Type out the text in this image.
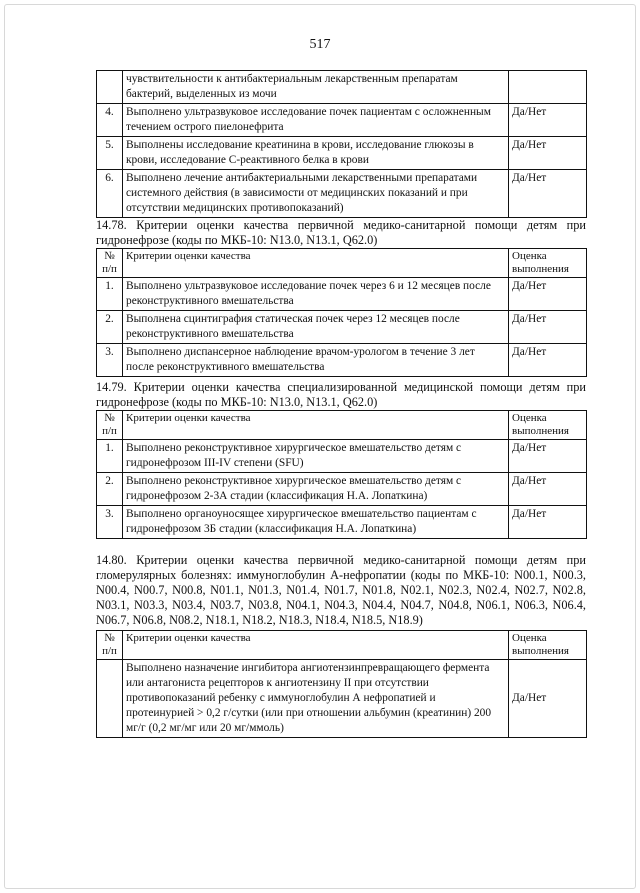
517
	чувствительности к антибактериальным лекарственным препаратам бактерий, выделенных из мочи	
4.	Выполнено ультразвуковое исследование почек пациентам с осложненным течением острого пиелонефрита	Да/Нет
5.	Выполнены исследование креатинина в крови, исследование глюкозы в крови, исследование С-реактивного белка в крови	Да/Нет
6.	Выполнено лечение антибактериальными лекарственными препаратами системного действия (в зависимости от медицинских показаний и при отсутствии медицинских противопоказаний)	Да/Нет

14.78. Критерии оценки качества первичной медико-санитарной помощи детям при гидронефрозе (коды по МКБ-10: N13.0, N13.1, Q62.0)

№ п/п	Критерии оценки качества	Оценка выполнения
1.	Выполнено ультразвуковое исследование почек через 6 и 12 месяцев после реконструктивного вмешательства	Да/Нет
2.	Выполнена сцинтиграфия статическая почек через 12 месяцев после реконструктивного вмешательства	Да/Нет
3.	Выполнено диспансерное наблюдение врачом-урологом в течение 3 лет после реконструктивного вмешательства	Да/Нет

14.79. Критерии оценки качества специализированной медицинской помощи детям при гидронефрозе (коды по МКБ-10: N13.0, N13.1, Q62.0)

№ п/п	Критерии оценки качества	Оценка выполнения
1.	Выполнено реконструктивное хирургическое вмешательство детям с гидронефрозом III-IV степени (SFU)	Да/Нет
2.	Выполнено реконструктивное хирургическое вмешательство детям с гидронефрозом 2-3А стадии (классификация Н.А. Лопаткина)	Да/Нет
3.	Выполнено органоуносящее хирургическое вмешательство пациентам с гидронефрозом 3Б стадии (классификация Н.А. Лопаткина)	Да/Нет

14.80. Критерии оценки качества первичной медико-санитарной помощи детям при гломерулярных болезнях: иммуноглобулин А-нефропатии (коды по МКБ-10: N00.1, N00.3, N00.4, N00.7, N00.8, N01.1, N01.3, N01.4, N01.7, N01.8, N02.1, N02.3, N02.4, N02.7, N02.8, N03.1, N03.3, N03.4, N03.7, N03.8, N04.1, N04.3, N04.4, N04.7, N04.8, N06.1, N06.3, N06.4, N06.7, N06.8, N08.2, N18.1, N18.2, N18.3, N18.4, N18.5, N18.9)

№ п/п	Критерии оценки качества	Оценка выполнения
	Выполнено назначение ингибитора ангиотензинпревращающего фермента или антагониста рецепторов к ангиотензину II при отсутствии противопоказаний ребенку с иммуноглобулин А нефропатией и протеинурией > 0,2 г/сутки (или при отношении альбумин (креатинин) 200 мг/г (0,2 мг/мг или 20 мг/ммоль)	Да/Нет
